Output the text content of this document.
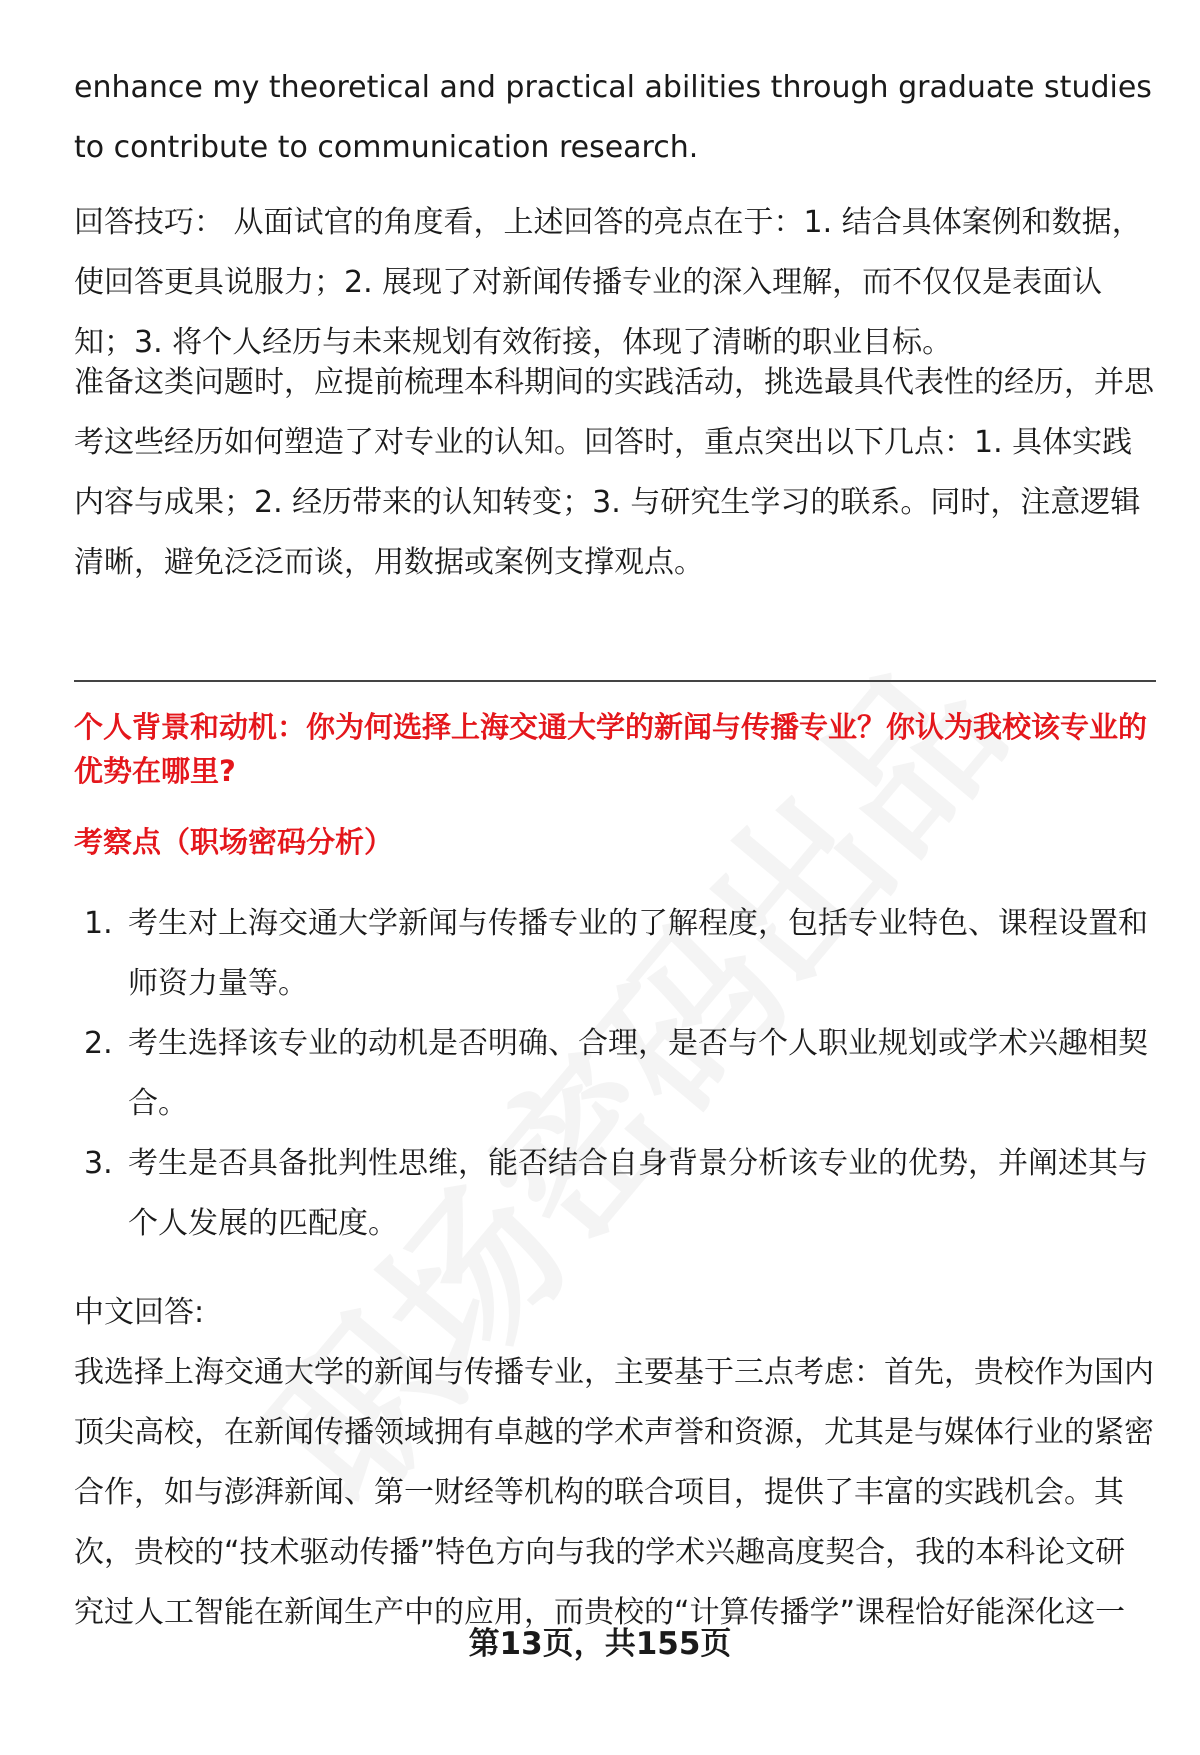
enhance my theoretical and practical abilities through graduate studies to contribute to communication research.

回答技巧： 从面试官的角度看，上述回答的亮点在于：1. 结合具体案例和数据，使回答更具说服力；2. 展现了对新闻传播专业的深入理解，而不仅仅是表面认知；3. 将个人经历与未来规划有效衔接，体现了清晰的职业目标。

准备这类问题时，应提前梳理本科期间的实践活动，挑选最具代表性的经历，并思考这些经历如何塑造了对专业的认知。回答时，重点突出以下几点：1. 具体实践内容与成果；2. 经历带来的认知转变；3. 与研究生学习的联系。同时，注意逻辑清晰，避免泛泛而谈，用数据或案例支撑观点。

个人背景和动机：你为何选择上海交通大学的新闻与传播专业？你认为我校该专业的优势在哪里?

考察点（职场密码分析）

1. 考生对上海交通大学新闻与传播专业的了解程度，包括专业特色、课程设置和师资力量等。
2. 考生选择该专业的动机是否明确、合理，是否与个人职业规划或学术兴趣相契合。
3. 考生是否具备批判性思维，能否结合自身背景分析该专业的优势，并阐述其与个人发展的匹配度。

中文回答:

我选择上海交通大学的新闻与传播专业，主要基于三点考虑：首先，贵校作为国内顶尖高校，在新闻传播领域拥有卓越的学术声誉和资源，尤其是与媒体行业的紧密合作，如与澎湃新闻、第一财经等机构的联合项目，提供了丰富的实践机会。其次，贵校的“技术驱动传播”特色方向与我的学术兴趣高度契合，我的本科论文研究过人工智能在新闻生产中的应用，而贵校的“计算传播学”课程恰好能深化这一

第13页，共155页
